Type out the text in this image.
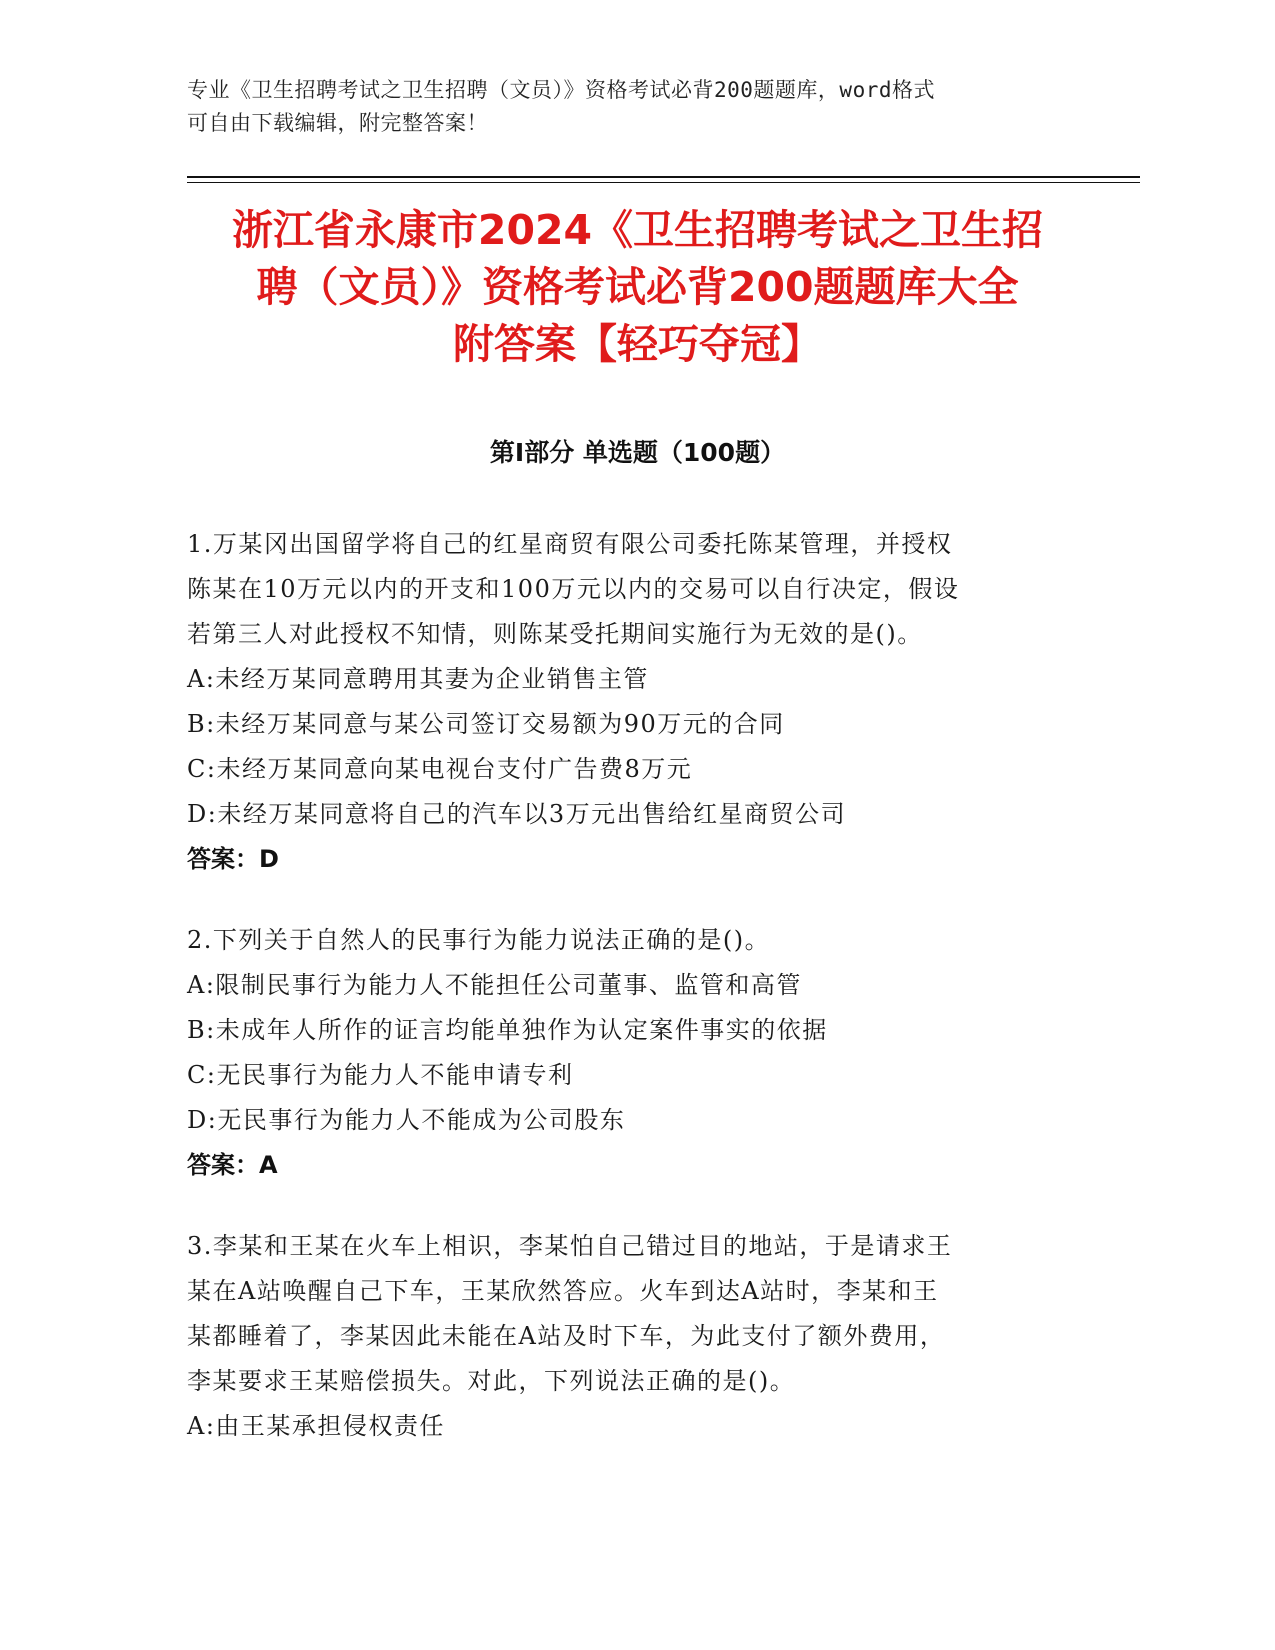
专业《卫生招聘考试之卫生招聘（文员）》资格考试必背200题题库，word格式
可自由下载编辑，附完整答案！
浙江省永康市2024《卫生招聘考试之卫生招
聘（文员）》资格考试必背200题题库大全
附答案【轻巧夺冠】
第Ⅰ部分 单选题（100题）
1.万某冈出国留学将自己的红星商贸有限公司委托陈某管理，并授权
陈某在10万元以内的开支和100万元以内的交易可以自行决定，假设
若第三人对此授权不知情，则陈某受托期间实施行为无效的是()。
A:未经万某同意聘用其妻为企业销售主管
B:未经万某同意与某公司签订交易额为90万元的合同
C:未经万某同意向某电视台支付广告费8万元
D:未经万某同意将自己的汽车以3万元出售给红星商贸公司
答案：D
2.下列关于自然人的民事行为能力说法正确的是()。
A:限制民事行为能力人不能担任公司董事、监管和高管
B:未成年人所作的证言均能单独作为认定案件事实的依据
C:无民事行为能力人不能申请专利
D:无民事行为能力人不能成为公司股东
答案：A
3.李某和王某在火车上相识，李某怕自己错过目的地站，于是请求王
某在A站唤醒自己下车，王某欣然答应。火车到达A站时，李某和王
某都睡着了，李某因此未能在A站及时下车，为此支付了额外费用，
李某要求王某赔偿损失。对此，下列说法正确的是()。
A:由王某承担侵权责任
